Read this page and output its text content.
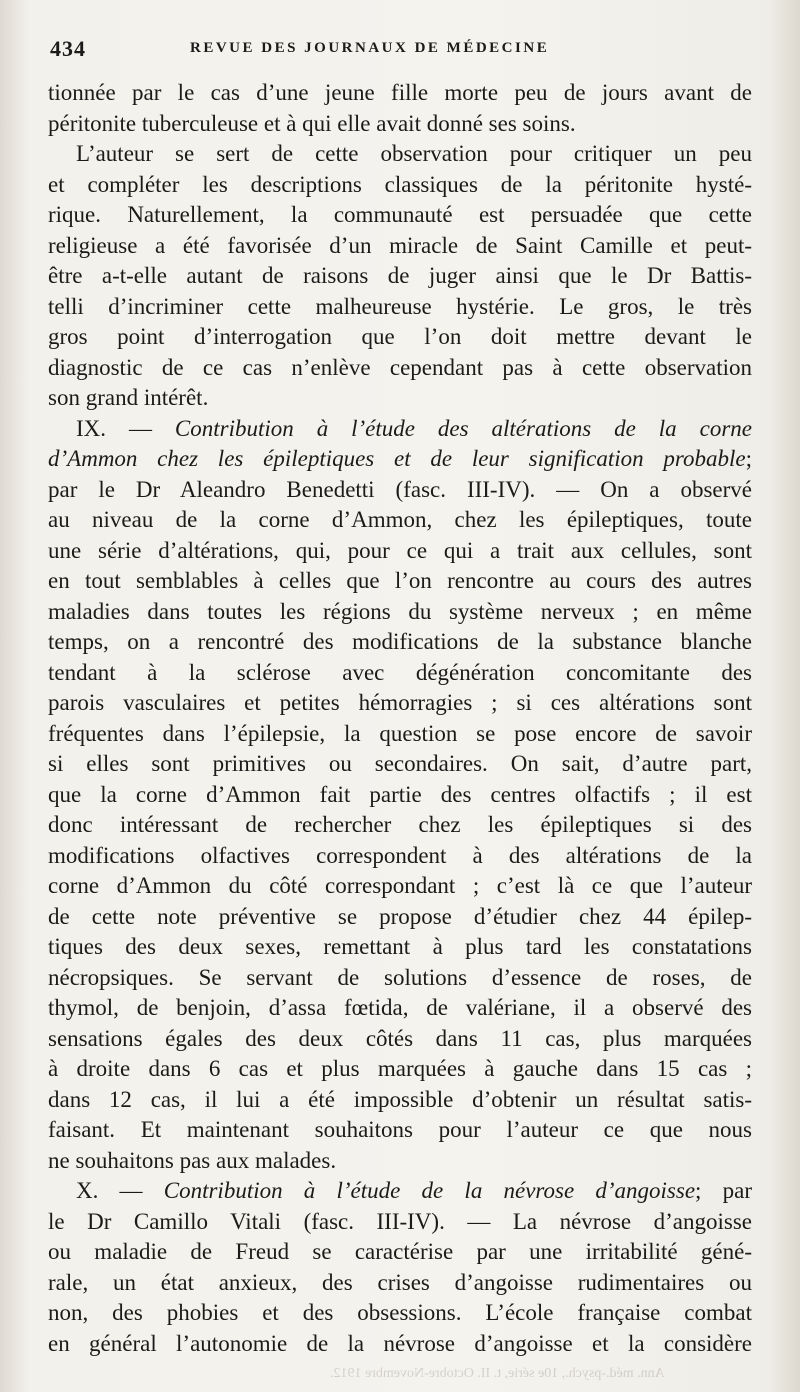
434	REVUE DES JOURNAUX DE MÉDECINE
tionnée par le cas d’une jeune fille morte peu de jours avant de
péritonite tuberculeuse et à qui elle avait donné ses soins.
L’auteur se sert de cette observation pour critiquer un peu
et compléter les descriptions classiques de la péritonite hysté-
rique. Naturellement, la communauté est persuadée que cette
religieuse a été favorisée d’un miracle de Saint Camille et peut-
être a-t-elle autant de raisons de juger ainsi que le Dr Battis-
telli d’incriminer cette malheureuse hystérie. Le gros, le très
gros point d’interrogation que l’on doit mettre devant le
diagnostic de ce cas n’enlève cependant pas à cette observation
son grand intérêt.
IX. — Contribution à l’étude des altérations de la corne
d’Ammon chez les épileptiques et de leur signification probable;
par le Dr Aleandro Benedetti (fasc. III-IV). — On a observé
au niveau de la corne d’Ammon, chez les épileptiques, toute
une série d’altérations, qui, pour ce qui a trait aux cellules, sont
en tout semblables à celles que l’on rencontre au cours des autres
maladies dans toutes les régions du système nerveux ; en même
temps, on a rencontré des modifications de la substance blanche
tendant à la sclérose avec dégénération concomitante des
parois vasculaires et petites hémorragies ; si ces altérations sont
fréquentes dans l’épilepsie, la question se pose encore de savoir
si elles sont primitives ou secondaires. On sait, d’autre part,
que la corne d’Ammon fait partie des centres olfactifs ; il est
donc intéressant de rechercher chez les épileptiques si des
modifications olfactives correspondent à des altérations de la
corne d’Ammon du côté correspondant ; c’est là ce que l’auteur
de cette note préventive se propose d’étudier chez 44 épilep-
tiques des deux sexes, remettant à plus tard les constatations
nécropsiques. Se servant de solutions d’essence de roses, de
thymol, de benjoin, d’assa fœtida, de valériane, il a observé des
sensations égales des deux côtés dans 11 cas, plus marquées
à droite dans 6 cas et plus marquées à gauche dans 15 cas ;
dans 12 cas, il lui a été impossible d’obtenir un résultat satis-
faisant. Et maintenant souhaitons pour l’auteur ce que nous
ne souhaitons pas aux malades.
X. — Contribution à l’étude de la névrose d’angoisse; par
le Dr Camillo Vitali (fasc. III-IV). — La névrose d’angoisse
ou maladie de Freud se caractérise par une irritabilité géné-
rale, un état anxieux, des crises d’angoisse rudimentaires ou
non, des phobies et des obsessions. L’école française combat
en général l’autonomie de la névrose d’angoisse et la considère
Ann. méd.-psych., 10e série, t. II. Octobre-Novembre 1912.
